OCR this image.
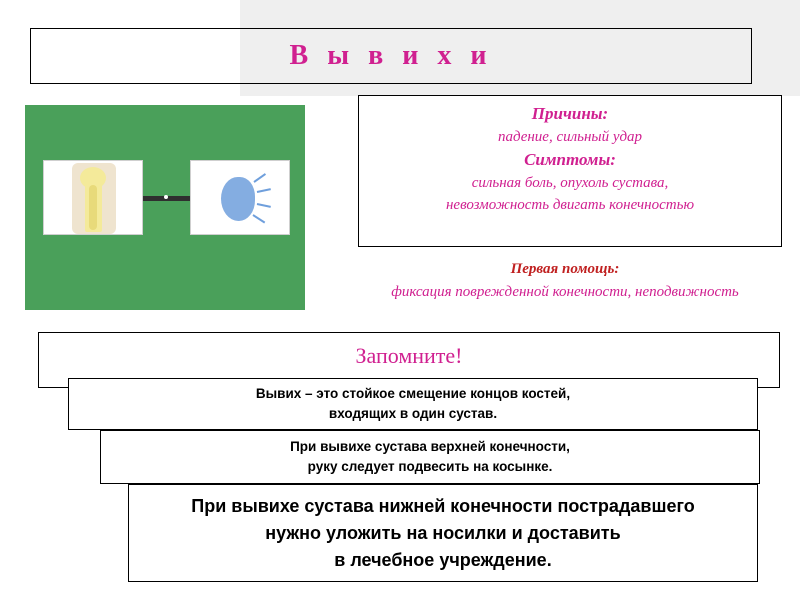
В ы в и х и
Причины:
падение, сильный удар
Симптомы:
сильная боль, опухоль сустава,
невозможность двигать конечностью
Первая помощь:
фиксация поврежденной конечности, неподвижность
Запомните!
Вывих – это стойкое смещение концов костей,
входящих в один сустав.
При вывихе сустава верхней конечности,
руку следует подвесить на косынке.
При вывихе сустава нижней конечности пострадавшего
нужно уложить на носилки и доставить
в лечебное учреждение.
